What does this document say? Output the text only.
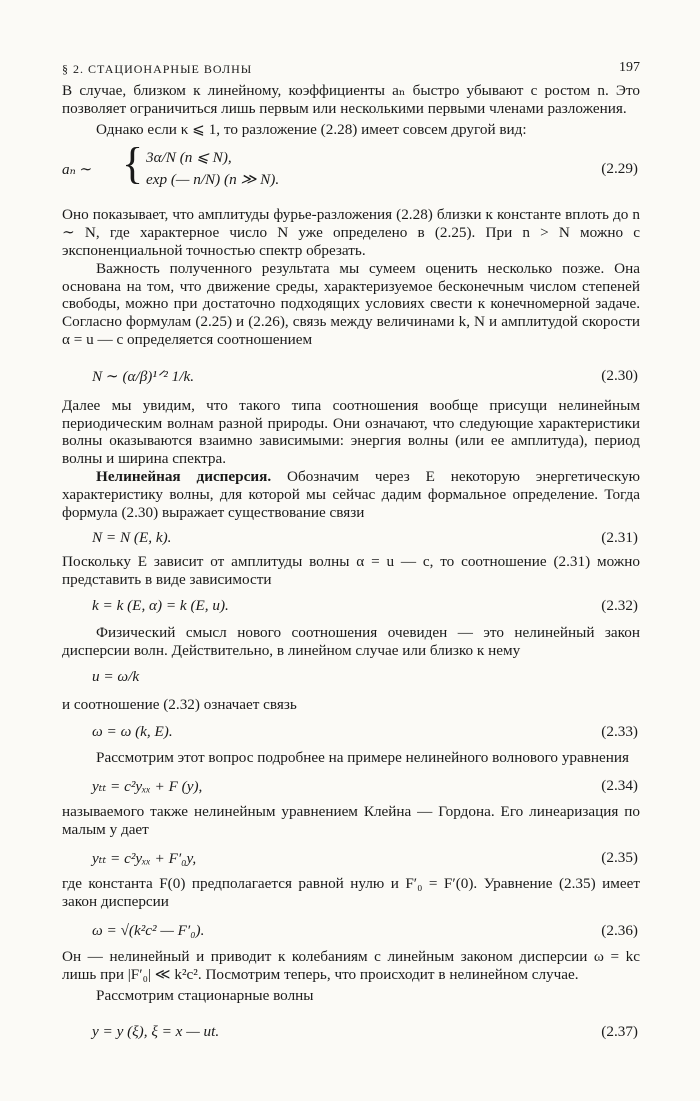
§ 2. СТАЦИОНАРНЫЕ ВОЛНЫ	197

В случае, близком к линейному, коэффициенты aₙ быстро убывают с ростом n. Это позволяет ограничиться лишь первым или несколькими первыми членами разложения.

Однако если κ ⩽ 1, то разложение (2.28) имеет совсем другой вид:

aₙ ∼ { 3α/N (n ⩽ N),
exp (— n/N) (n ≫ N).
(2.29)

Оно показывает, что амплитуды фурье-разложения (2.28) близки к константе вплоть до n ∼ N, где характерное число N уже определено в (2.25). При n > N можно с экспоненциальной точностью спектр обрезать.

Важность полученного результата мы сумеем оценить несколько позже. Она основана на том, что движение среды, характеризуемое бесконечным числом степеней свободы, можно при достаточно подходящих условиях свести к конечномерной задаче. Согласно формулам (2.25) и (2.26), связь между величинами k, N и амплитудой скорости α = u — c определяется соотношением

N ∼ (α/β)¹ᐟ² 1/k.	(2.30)

Далее мы увидим, что такого типа соотношения вообще присущи нелинейным периодическим волнам разной природы. Они означают, что следующие характеристики волны оказываются взаимно зависимыми: энергия волны (или ее амплитуда), период волны и ширина спектра.

Нелинейная дисперсия. Обозначим через E некоторую энергетическую характеристику волны, для которой мы сейчас дадим формальное определение. Тогда формула (2.30) выражает существование связи

N = N (E, k).	(2.31)

Поскольку E зависит от амплитуды волны α = u — c, то соотношение (2.31) можно представить в виде зависимости

k = k (E, α) = k (E, u).	(2.32)

Физический смысл нового соотношения очевиден — это нелинейный закон дисперсии волн. Действительно, в линейном случае или близко к нему

u = ω/k

и соотношение (2.32) означает связь

ω = ω (k, E).	(2.33)

Рассмотрим этот вопрос подробнее на примере нелинейного волнового уравнения

yₜₜ = c²yₓₓ + F (y),	(2.34)

называемого также нелинейным уравнением Клейна — Гордона. Его линеаризация по малым y дает

yₜₜ = c²yₓₓ + F′₀y,	(2.35)

где константа F(0) предполагается равной нулю и F′₀ = F′(0). Уравнение (2.35) имеет закон дисперсии

ω = √(k²c² — F′₀).	(2.36)

Он — нелинейный и приводит к колебаниям с линейным законом дисперсии ω = kc лишь при |F′₀| ≪ k²c². Посмотрим теперь, что происходит в нелинейном случае.

Рассмотрим стационарные волны

y = y (ξ), ξ = x — ut.	(2.37)
